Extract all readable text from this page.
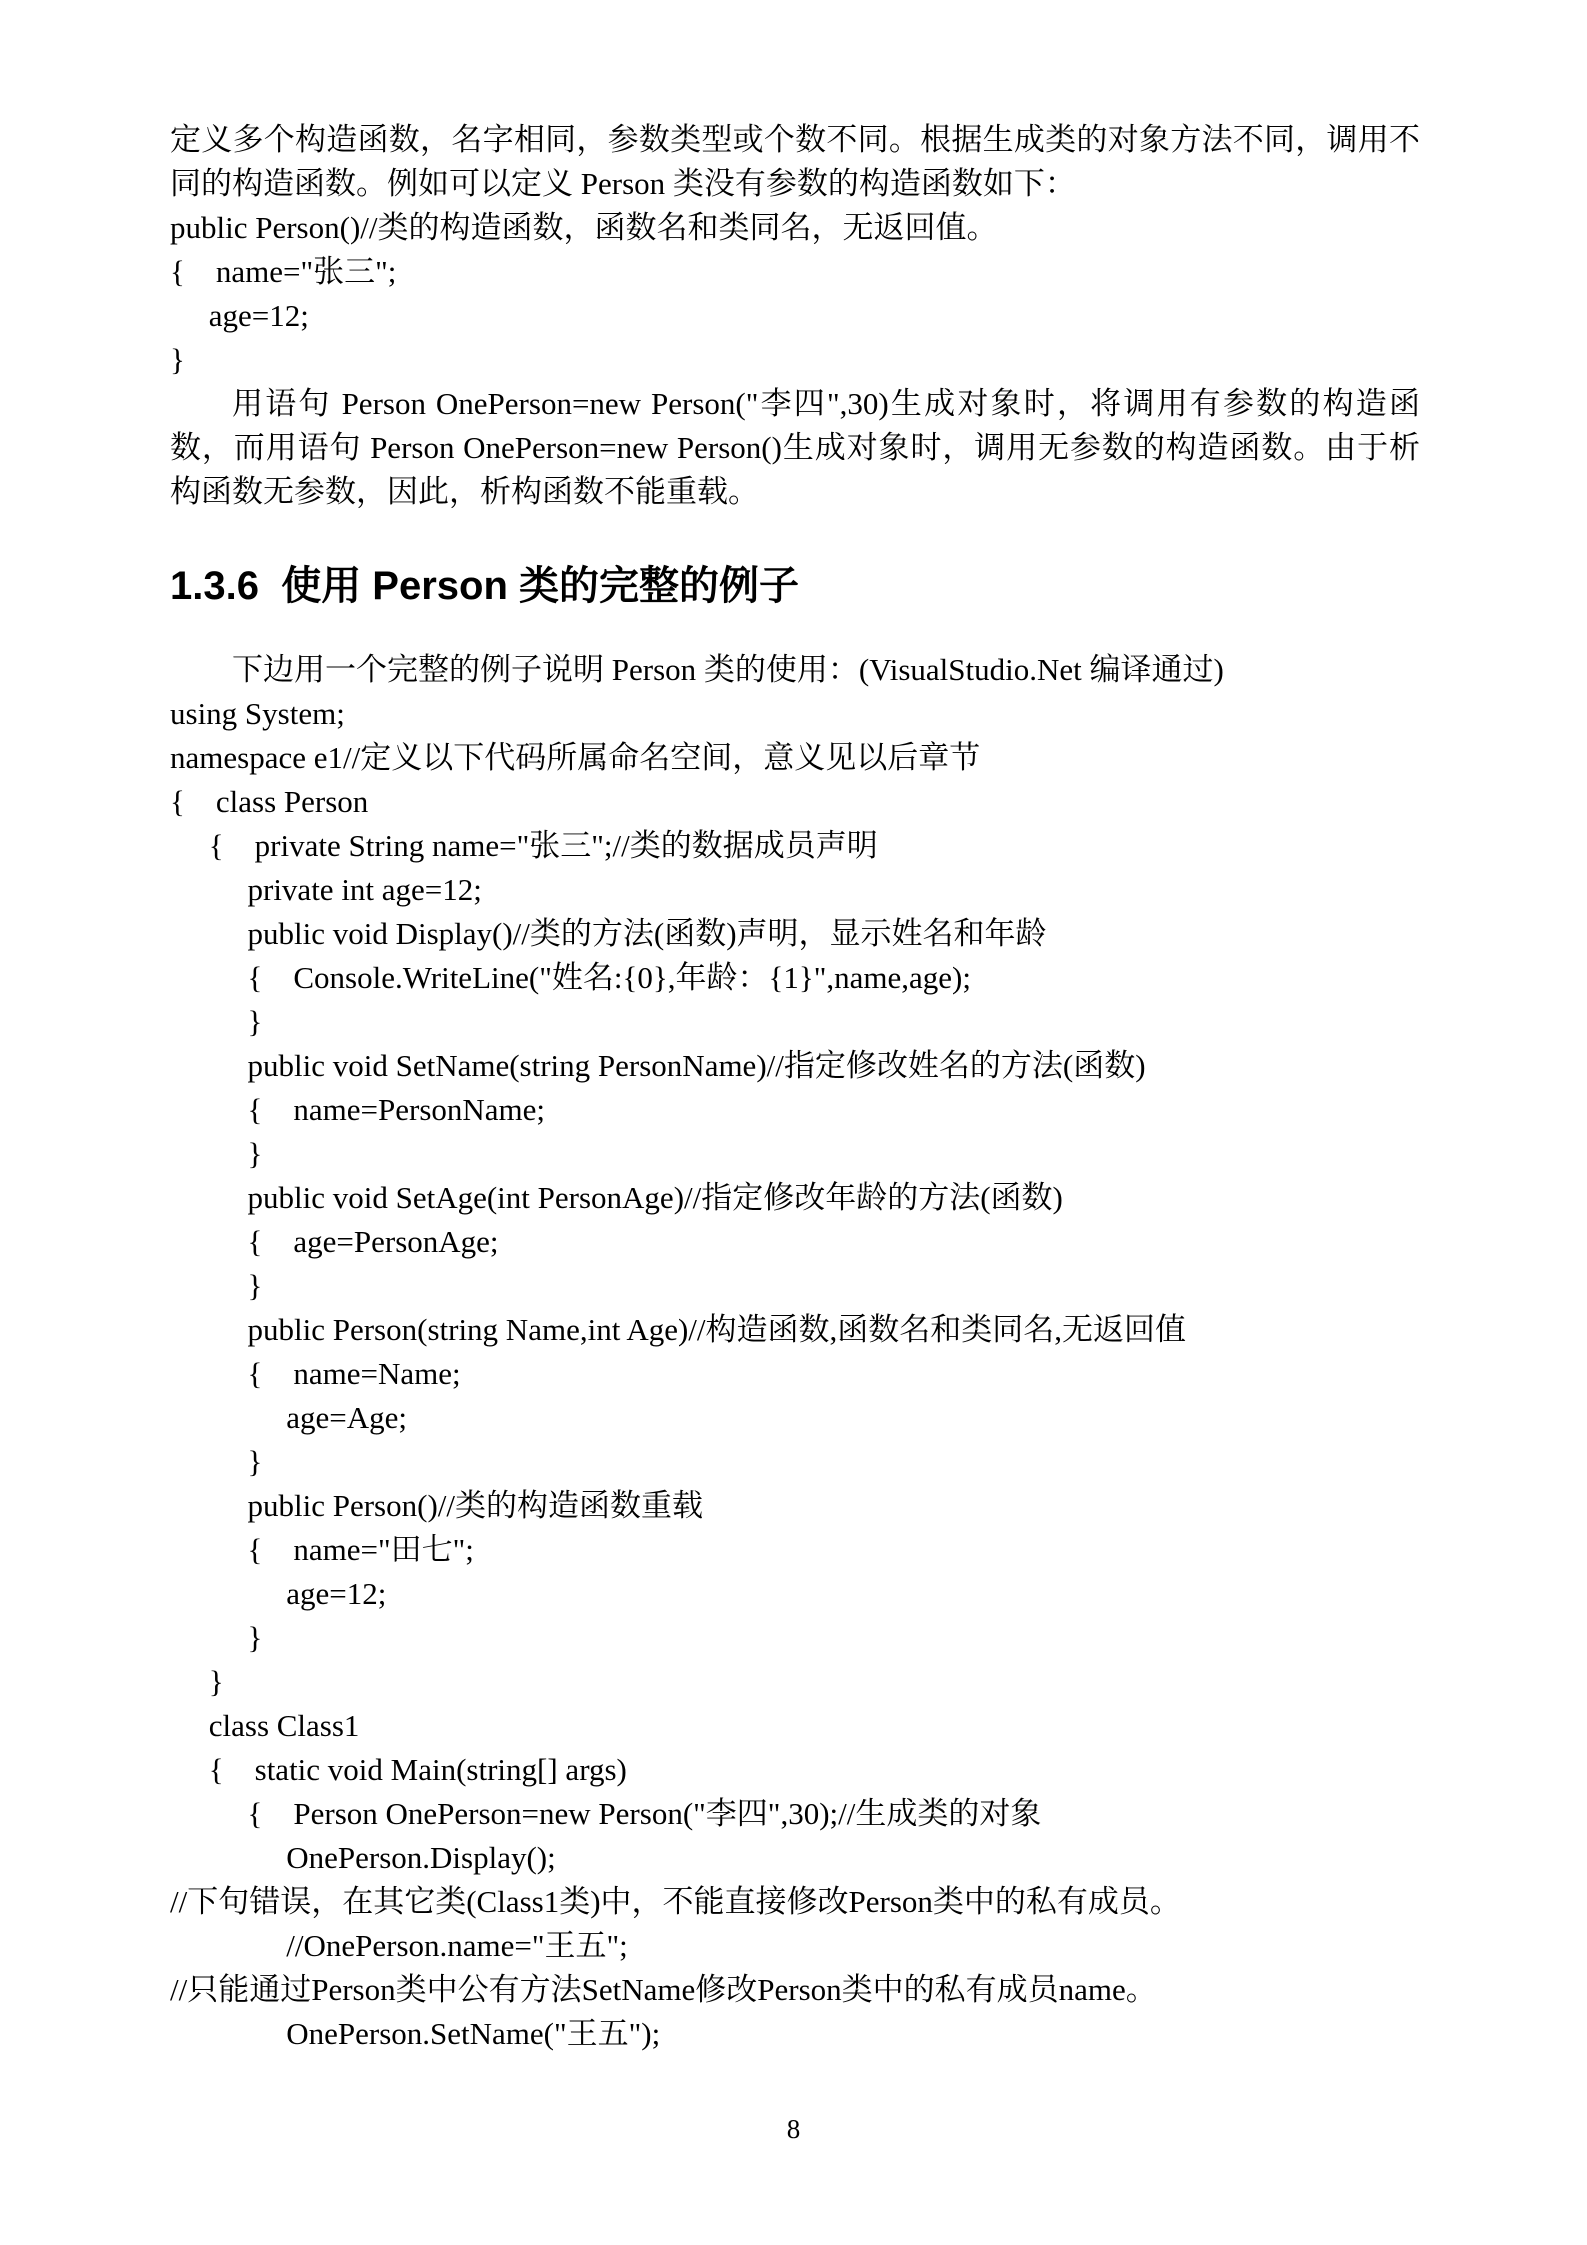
定义多个构造函数，名字相同，参数类型或个数不同。根据生成类的对象方法不同，调用不同的构造函数。例如可以定义 Person 类没有参数的构造函数如下：

public Person()//类的构造函数，函数名和类同名，无返回值。
{    name="张三";
age=12;
}

用语句 Person OnePerson=new Person("李四",30)生成对象时，将调用有参数的构造函数，而用语句 Person OnePerson=new Person()生成对象时，调用无参数的构造函数。由于析构函数无参数，因此，析构函数不能重载。

1.3.6  使用 Person 类的完整的例子

下边用一个完整的例子说明 Person 类的使用：(VisualStudio.Net 编译通过)

using System;
namespace e1//定义以下代码所属命名空间，意义见以后章节
{    class Person
{    private String name="张三";//类的数据成员声明
private int age=12;
public void Display()//类的方法(函数)声明，显示姓名和年龄
{    Console.WriteLine("姓名:{0},年龄：{1}",name,age);
}
public void SetName(string PersonName)//指定修改姓名的方法(函数)
{    name=PersonName;
}
public void SetAge(int PersonAge)//指定修改年龄的方法(函数)
{    age=PersonAge;
}
public Person(string Name,int Age)//构造函数,函数名和类同名,无返回值
{    name=Name;
age=Age;
}
public Person()//类的构造函数重载
{    name="田七";
age=12;
}
}
class Class1
{    static void Main(string[] args)
{    Person OnePerson=new Person("李四",30);//生成类的对象
OnePerson.Display();
//下句错误，在其它类(Class1类)中，不能直接修改Person类中的私有成员。
//OnePerson.name="王五";
//只能通过Person类中公有方法SetName修改Person类中的私有成员name。
OnePerson.SetName("王五");
8
